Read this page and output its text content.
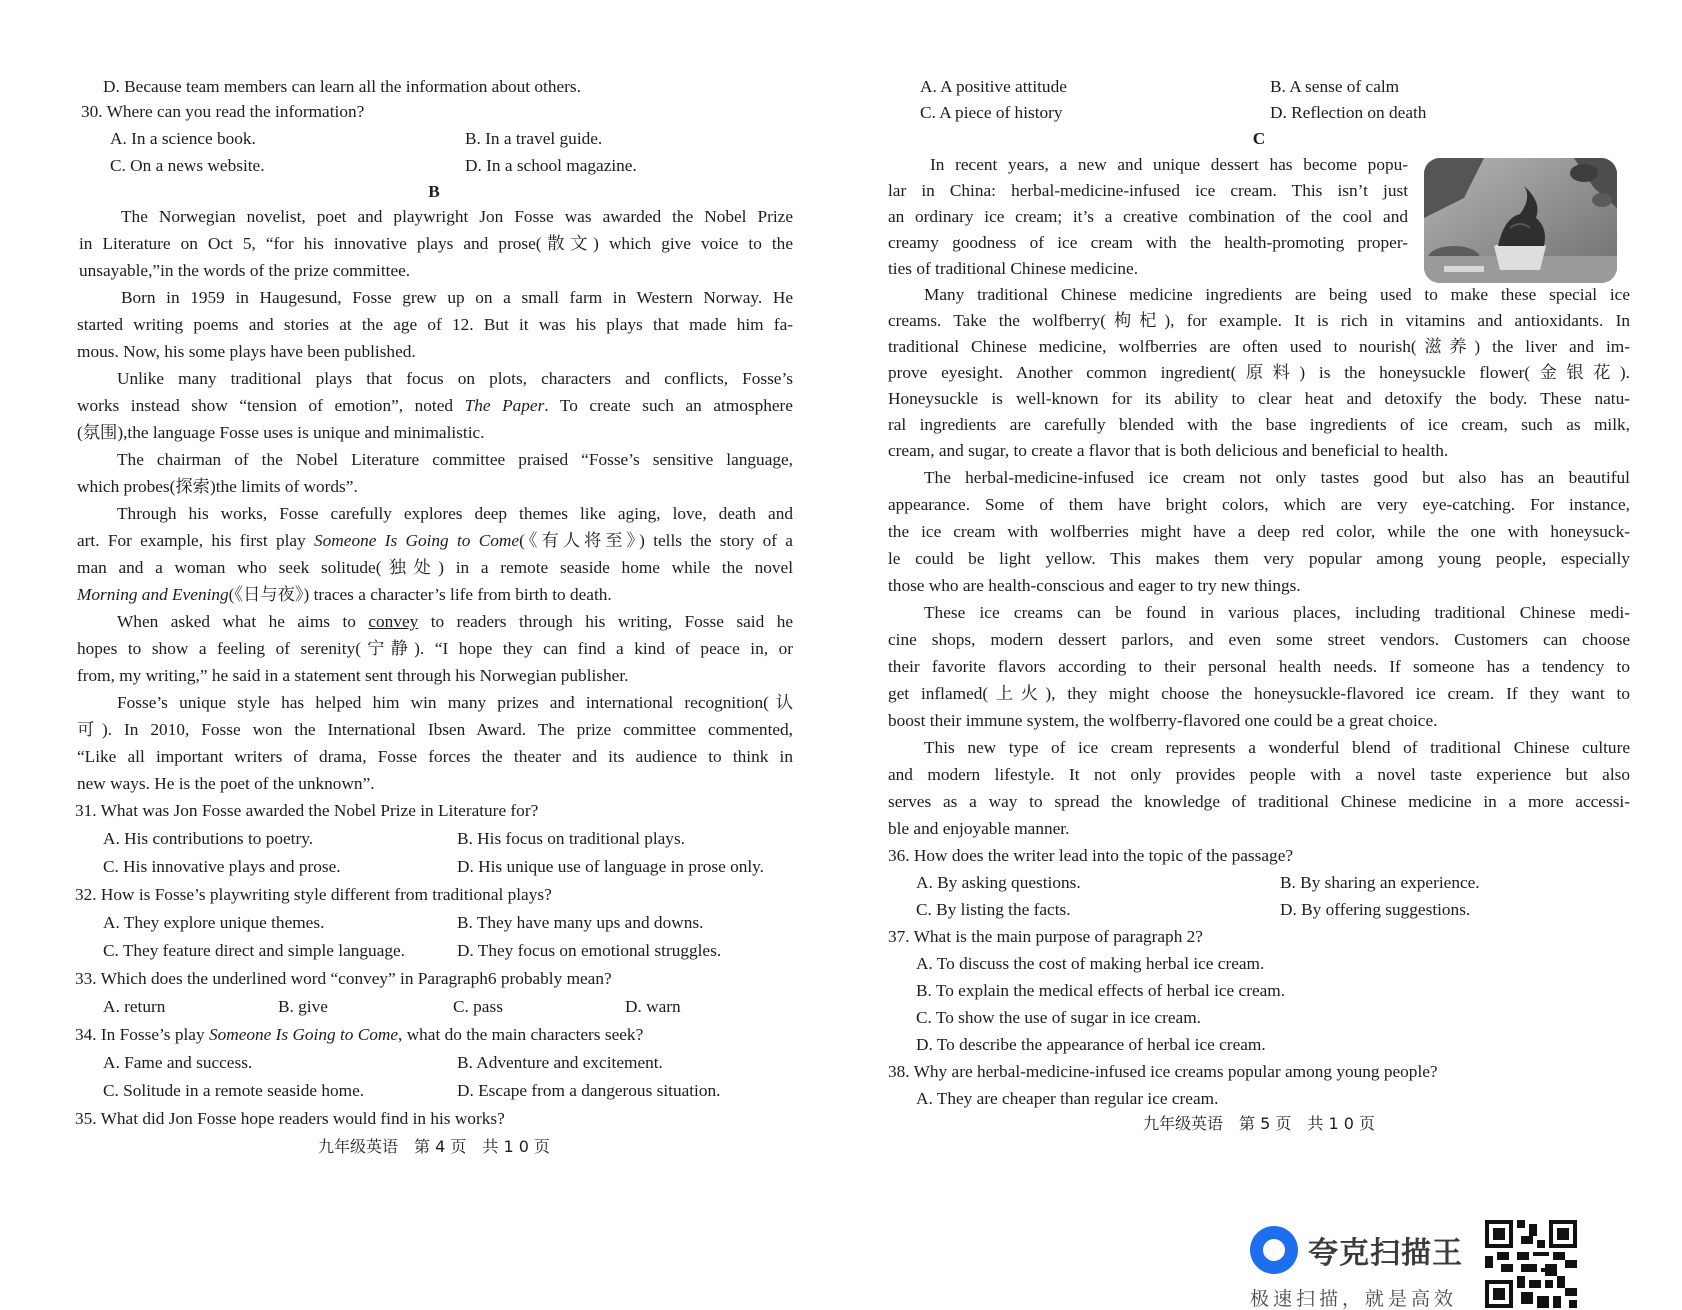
D. Because team members can learn all the information about others.
30. Where can you read the information?
A. In a science book.	B. In a travel guide.
C. On a news website.	D. In a school magazine.
B
The Norwegian novelist, poet and playwright Jon Fosse was awarded the Nobel Prize
in Literature on Oct 5, “for his innovative plays and prose(散文) which give voice to the
unsayable,”in the words of the prize committee.
Born in 1959 in Haugesund, Fosse grew up on a small farm in Western Norway. He
started writing poems and stories at the age of 12. But it was his plays that made him fa-
mous. Now, his some plays have been published.
Unlike many traditional plays that focus on plots, characters and conflicts, Fosse’s
works instead show “tension of emotion”, noted The Paper. To create such an atmosphere
(氛围),the language Fosse uses is unique and minimalistic.
The chairman of the Nobel Literature committee praised “Fosse’s sensitive language,
which probes(探索)the limits of words”.
Through his works, Fosse carefully explores deep themes like aging, love, death and
art. For example, his first play Someone Is Going to Come(《有人将至》) tells the story of a
man and a woman who seek solitude(独处) in a remote seaside home while the novel
Morning and Evening(《日与夜》) traces a character’s life from birth to death.
When asked what he aims to convey to readers through his writing, Fosse said he
hopes to show a feeling of serenity(宁静). “I hope they can find a kind of peace in, or
from, my writing,” he said in a statement sent through his Norwegian publisher.
Fosse’s unique style has helped him win many prizes and international recognition(认
可). In 2010, Fosse won the International Ibsen Award. The prize committee commented,
“Like all important writers of drama, Fosse forces the theater and its audience to think in
new ways. He is the poet of the unknown”.
31. What was Jon Fosse awarded the Nobel Prize in Literature for?
A. His contributions to poetry.	B. His focus on traditional plays.
C. His innovative plays and prose.	D. His unique use of language in prose only.
32. How is Fosse’s playwriting style different from traditional plays?
A. They explore unique themes.	B. They have many ups and downs.
C. They feature direct and simple language.	D. They focus on emotional struggles.
33. Which does the underlined word “convey” in Paragraph6 probably mean?
A. return	B. give	C. pass	D. warn
34. In Fosse’s play Someone Is Going to Come, what do the main characters seek?
A. Fame and success.	B. Adventure and excitement.
C. Solitude in a remote seaside home.	D. Escape from a dangerous situation.
35. What did Jon Fosse hope readers would find in his works?
九年级英语 第 4 页 共 1 0 页
A. A positive attitude	B. A sense of calm
C. A piece of history	D. Reflection on death
C
In recent years, a new and unique dessert has become popu-
lar in China: herbal-medicine-infused ice cream. This isn’t just
an ordinary ice cream; it’s a creative combination of the cool and
creamy goodness of ice cream with the health-promoting proper-
ties of traditional Chinese medicine.
Many traditional Chinese medicine ingredients are being used to make these special ice
creams. Take the wolfberry(枸杞), for example. It is rich in vitamins and antioxidants. In
traditional Chinese medicine, wolfberries are often used to nourish(滋养) the liver and im-
prove eyesight. Another common ingredient(原料) is the honeysuckle flower(金银花).
Honeysuckle is well-known for its ability to clear heat and detoxify the body. These natu-
ral ingredients are carefully blended with the base ingredients of ice cream, such as milk,
cream, and sugar, to create a flavor that is both delicious and beneficial to health.
The herbal-medicine-infused ice cream not only tastes good but also has an beautiful
appearance. Some of them have bright colors, which are very eye-catching. For instance,
the ice cream with wolfberries might have a deep red color, while the one with honeysuck-
le could be light yellow. This makes them very popular among young people, especially
those who are health-conscious and eager to try new things.
These ice creams can be found in various places, including traditional Chinese medi-
cine shops, modern dessert parlors, and even some street vendors. Customers can choose
their favorite flavors according to their personal health needs. If someone has a tendency to
get inflamed(上火), they might choose the honeysuckle-flavored ice cream. If they want to
boost their immune system, the wolfberry-flavored one could be a great choice.
This new type of ice cream represents a wonderful blend of traditional Chinese culture
and modern lifestyle. It not only provides people with a novel taste experience but also
serves as a way to spread the knowledge of traditional Chinese medicine in a more accessi-
ble and enjoyable manner.
36. How does the writer lead into the topic of the passage?
A. By asking questions.	B. By sharing an experience.
C. By listing the facts.	D. By offering suggestions.
37. What is the main purpose of paragraph 2?
A. To discuss the cost of making herbal ice cream.
B. To explain the medical effects of herbal ice cream.
C. To show the use of sugar in ice cream.
D. To describe the appearance of herbal ice cream.
38. Why are herbal-medicine-infused ice creams popular among young people?
A. They are cheaper than regular ice cream.
九年级英语 第 5 页 共 1 0 页
夸克扫描王
极速扫描，就是高效
